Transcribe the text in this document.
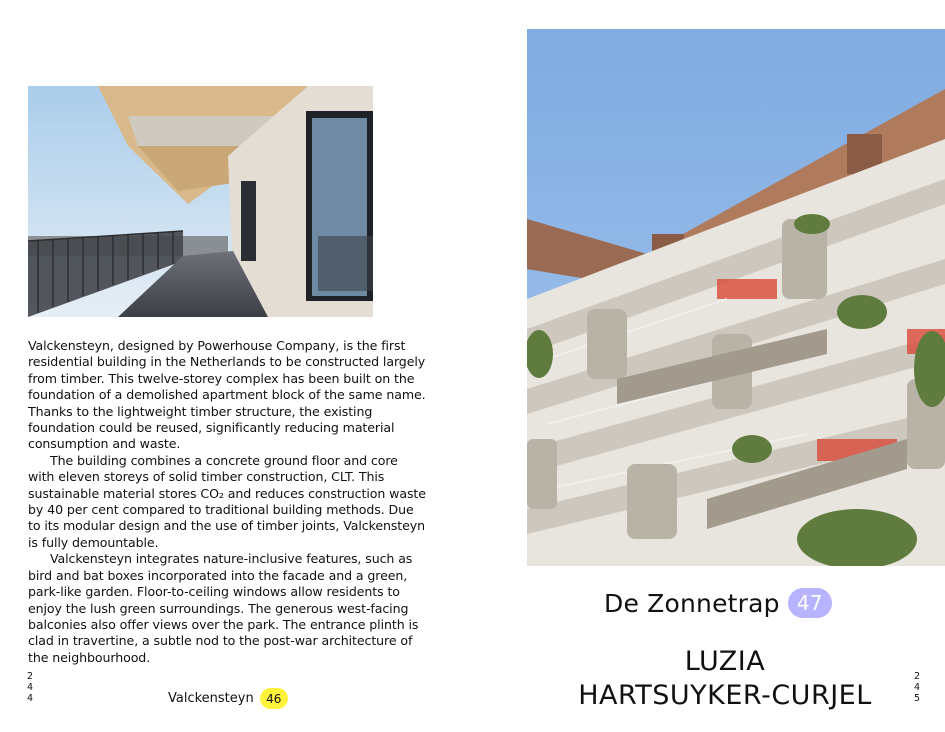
Valckensteyn, designed by Powerhouse Company, is the first residential building in the Netherlands to be constructed largely from timber. This twelve-storey complex has been built on the foundation of a demolished apartment block of the same name. Thanks to the lightweight timber structure, the existing foundation could be reused, significantly reducing material consumption and waste.

The building combines a concrete ground floor and core with eleven storeys of solid timber construction, CLT. This sustainable material stores CO₂ and reduces construction waste by 40 per cent compared to traditional building methods. Due to its modular design and the use of timber joints, Valckensteyn is fully demountable.

Valckensteyn integrates nature-inclusive features, such as bird and bat boxes incorporated into the facade and a green, park-like garden. Floor-to-ceiling windows allow residents to enjoy the lush green surroundings. The generous west-facing balconies also offer views over the park. The entrance plinth is clad in travertine, a subtle nod to the post-war architecture of the neighbourhood.

2
4
4	Valckensteyn	46
De Zonnetrap 47
LUZIA
HARTSUYKER-CURJEL
2
4
5
